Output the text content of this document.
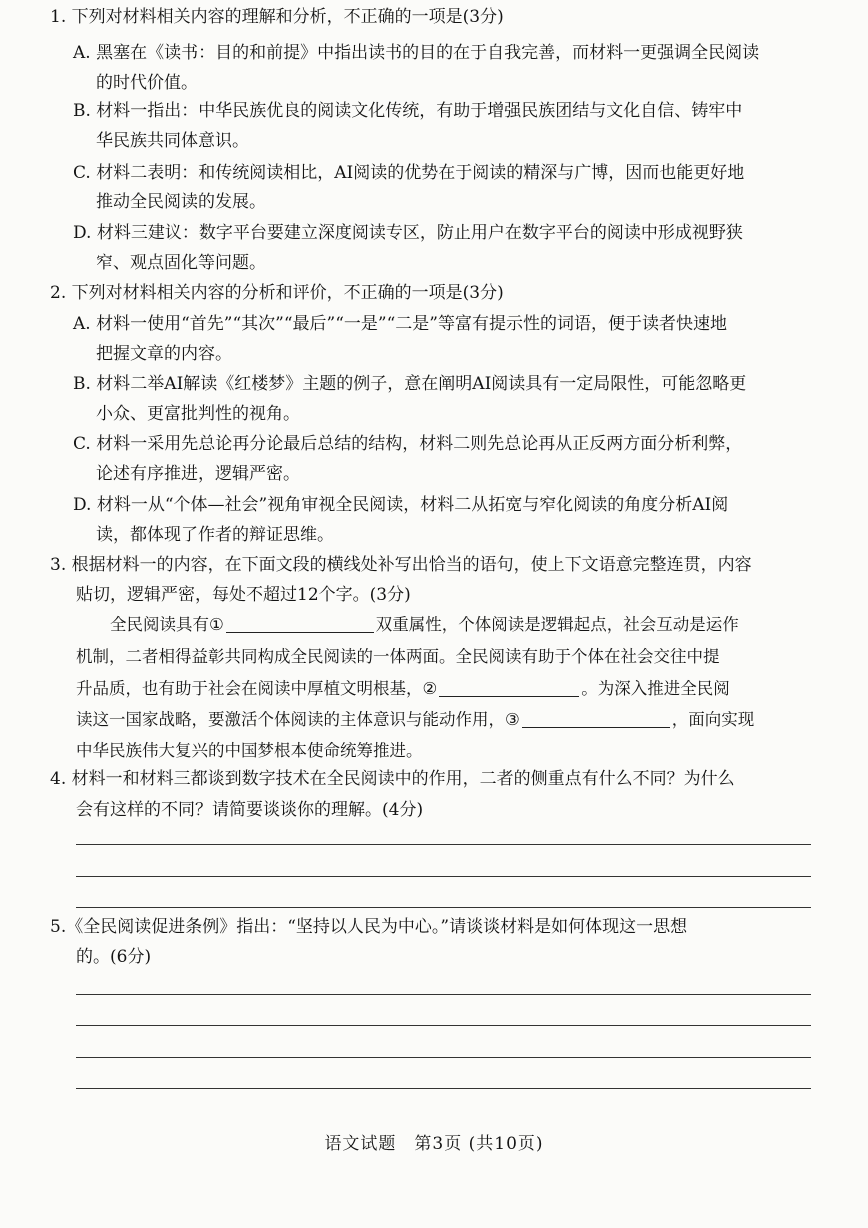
1. 下列对材料相关内容的理解和分析，不正确的一项是(3分)
A. 黑塞在《读书：目的和前提》中指出读书的目的在于自我完善，而材料一更强调全民阅读
的时代价值。
B. 材料一指出：中华民族优良的阅读文化传统，有助于增强民族团结与文化自信、铸牢中
华民族共同体意识。
C. 材料二表明：和传统阅读相比，AI阅读的优势在于阅读的精深与广博，因而也能更好地
推动全民阅读的发展。
D. 材料三建议：数字平台要建立深度阅读专区，防止用户在数字平台的阅读中形成视野狭
窄、观点固化等问题。
2. 下列对材料相关内容的分析和评价，不正确的一项是(3分)
A. 材料一使用“首先”“其次”“最后”“一是”“二是”等富有提示性的词语，便于读者快速地
把握文章的内容。
B. 材料二举AI解读《红楼梦》主题的例子，意在阐明AI阅读具有一定局限性，可能忽略更
小众、更富批判性的视角。
C. 材料一采用先总论再分论最后总结的结构，材料二则先总论再从正反两方面分析利弊，
论述有序推进，逻辑严密。
D. 材料一从“个体—社会”视角审视全民阅读，材料二从拓宽与窄化阅读的角度分析AI阅
读，都体现了作者的辩证思维。
3. 根据材料一的内容，在下面文段的横线处补写出恰当的语句，使上下文语意完整连贯，内容
贴切，逻辑严密，每处不超过12个字。(3分)
全民阅读具有①	双重属性，个体阅读是逻辑起点，社会互动是运作
机制，二者相得益彰共同构成全民阅读的一体两面。全民阅读有助于个体在社会交往中提
升品质，也有助于社会在阅读中厚植文明根基，②	。为深入推进全民阅
读这一国家战略，要激活个体阅读的主体意识与能动作用，③	，面向实现
中华民族伟大复兴的中国梦根本使命统筹推进。
4. 材料一和材料三都谈到数字技术在全民阅读中的作用，二者的侧重点有什么不同？为什么
会有这样的不同？请简要谈谈你的理解。(4分)
5.《全民阅读促进条例》指出：“坚持以人民为中心。”请谈谈材料是如何体现这一思想
的。(6分)
语文试题　第3页 (共10页)
